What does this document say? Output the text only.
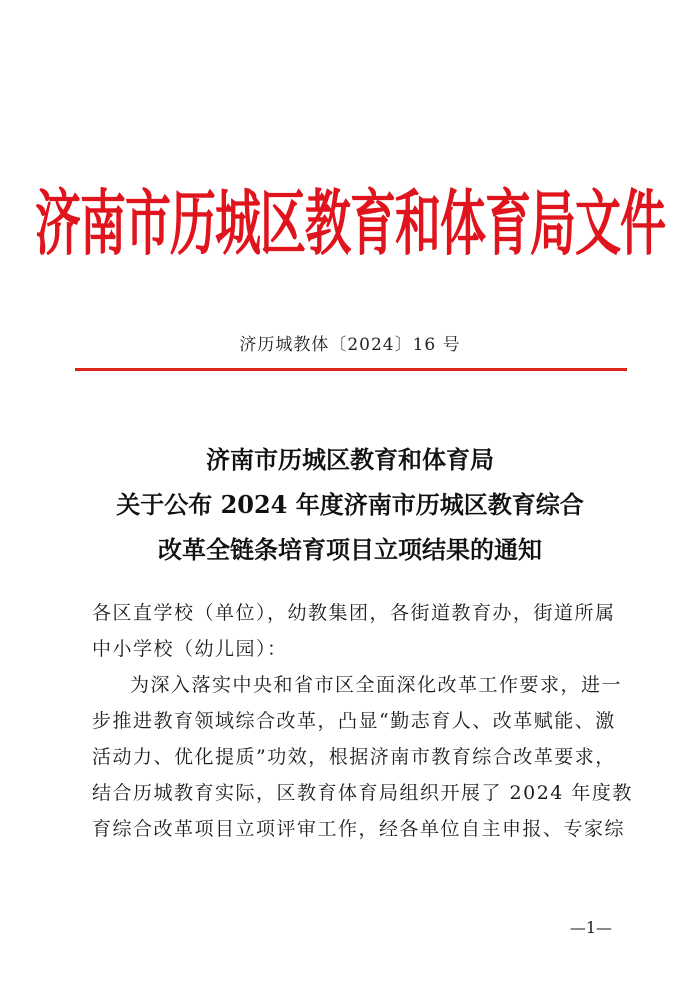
济南市历城区教育和体育局文件
济历城教体〔2024〕16 号
济南市历城区教育和体育局
关于公布 2024 年度济南市历城区教育综合
改革全链条培育项目立项结果的通知
各区直学校（单位），幼教集团，各街道教育办，街道所属
中小学校（幼儿园）：
为深入落实中央和省市区全面深化改革工作要求，进一
步推进教育领域综合改革，凸显“勤志育人、改革赋能、激
活动力、优化提质”功效，根据济南市教育综合改革要求，
结合历城教育实际，区教育体育局组织开展了 2024 年度教
育综合改革项目立项评审工作，经各单位自主申报、专家综
—1—
